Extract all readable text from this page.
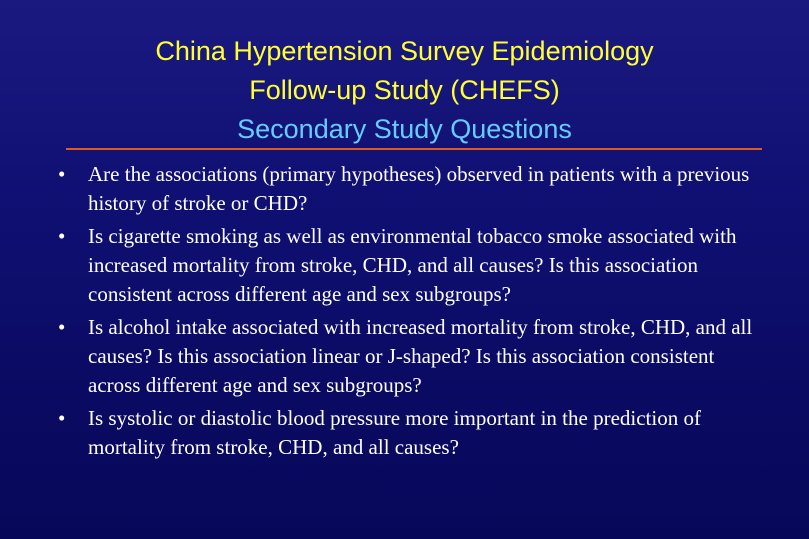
China Hypertension Survey Epidemiology
Follow-up Study (CHEFS)
Secondary Study Questions
• Are the associations (primary hypotheses) observed in patients with a previous history of stroke or CHD?
• Is cigarette smoking as well as environmental tobacco smoke associated with increased mortality from stroke, CHD, and all causes? Is this association consistent across different age and sex subgroups?
• Is alcohol intake associated with increased mortality from stroke, CHD, and all causes? Is this association linear or J-shaped? Is this association consistent across different age and sex subgroups?
• Is systolic or diastolic blood pressure more important in the prediction of mortality from stroke, CHD, and all causes?
